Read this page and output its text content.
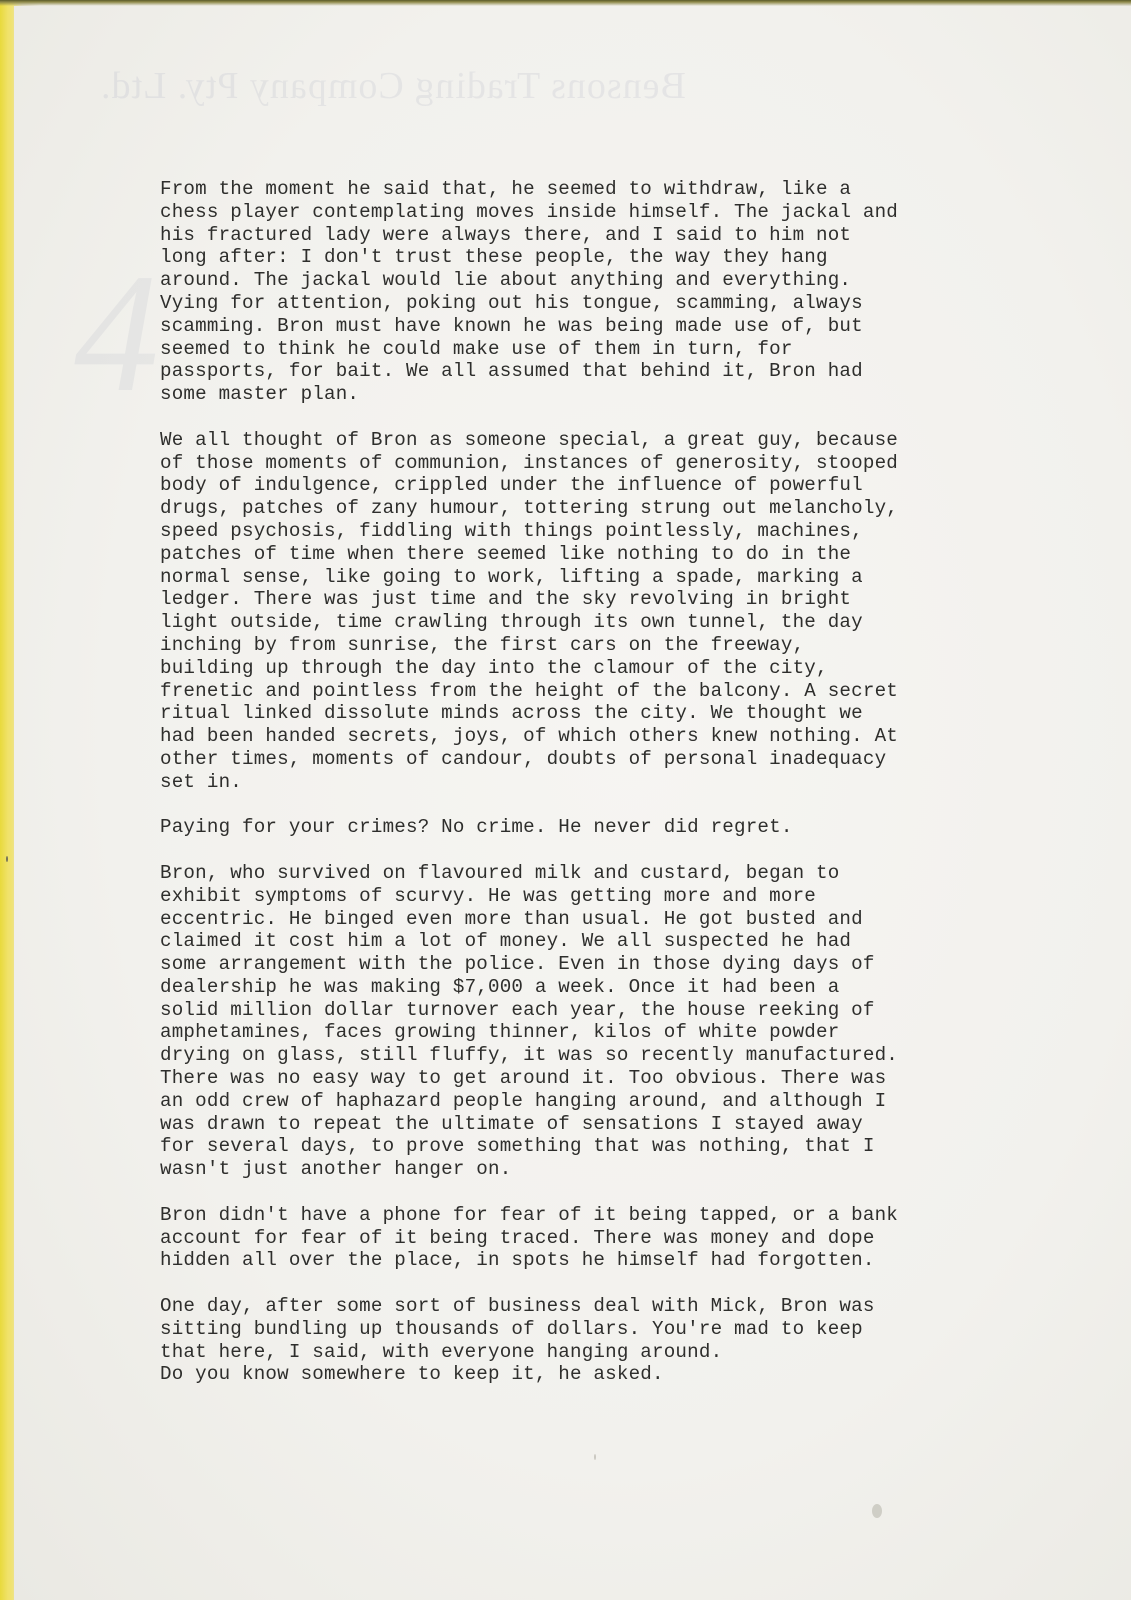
Bensons Trading Company Pty. Ltd.
4

From the moment he said that, he seemed to withdraw, like a
chess player contemplating moves inside himself. The jackal and
his fractured lady were always there, and I said to him not
long after: I don't trust these people, the way they hang
around. The jackal would lie about anything and everything.
Vying for attention, poking out his tongue, scamming, always
scamming. Bron must have known he was being made use of, but
seemed to think he could make use of them in turn, for
passports, for bait. We all assumed that behind it, Bron had
some master plan.

We all thought of Bron as someone special, a great guy, because
of those moments of communion, instances of generosity, stooped
body of indulgence, crippled under the influence of powerful
drugs, patches of zany humour, tottering strung out melancholy,
speed psychosis, fiddling with things pointlessly, machines,
patches of time when there seemed like nothing to do in the
normal sense, like going to work, lifting a spade, marking a
ledger. There was just time and the sky revolving in bright
light outside, time crawling through its own tunnel, the day
inching by from sunrise, the first cars on the freeway,
building up through the day into the clamour of the city,
frenetic and pointless from the height of the balcony. A secret
ritual linked dissolute minds across the city. We thought we
had been handed secrets, joys, of which others knew nothing. At
other times, moments of candour, doubts of personal inadequacy
set in.

Paying for your crimes? No crime. He never did regret.

Bron, who survived on flavoured milk and custard, began to
exhibit symptoms of scurvy. He was getting more and more
eccentric. He binged even more than usual. He got busted and
claimed it cost him a lot of money. We all suspected he had
some arrangement with the police. Even in those dying days of
dealership he was making $7,000 a week. Once it had been a
solid million dollar turnover each year, the house reeking of
amphetamines, faces growing thinner, kilos of white powder
drying on glass, still fluffy, it was so recently manufactured.
There was no easy way to get around it. Too obvious. There was
an odd crew of haphazard people hanging around, and although I
was drawn to repeat the ultimate of sensations I stayed away
for several days, to prove something that was nothing, that I
wasn't just another hanger on.

Bron didn't have a phone for fear of it being tapped, or a bank
account for fear of it being traced. There was money and dope
hidden all over the place, in spots he himself had forgotten.

One day, after some sort of business deal with Mick, Bron was
sitting bundling up thousands of dollars. You're mad to keep
that here, I said, with everyone hanging around.
Do you know somewhere to keep it, he asked.
